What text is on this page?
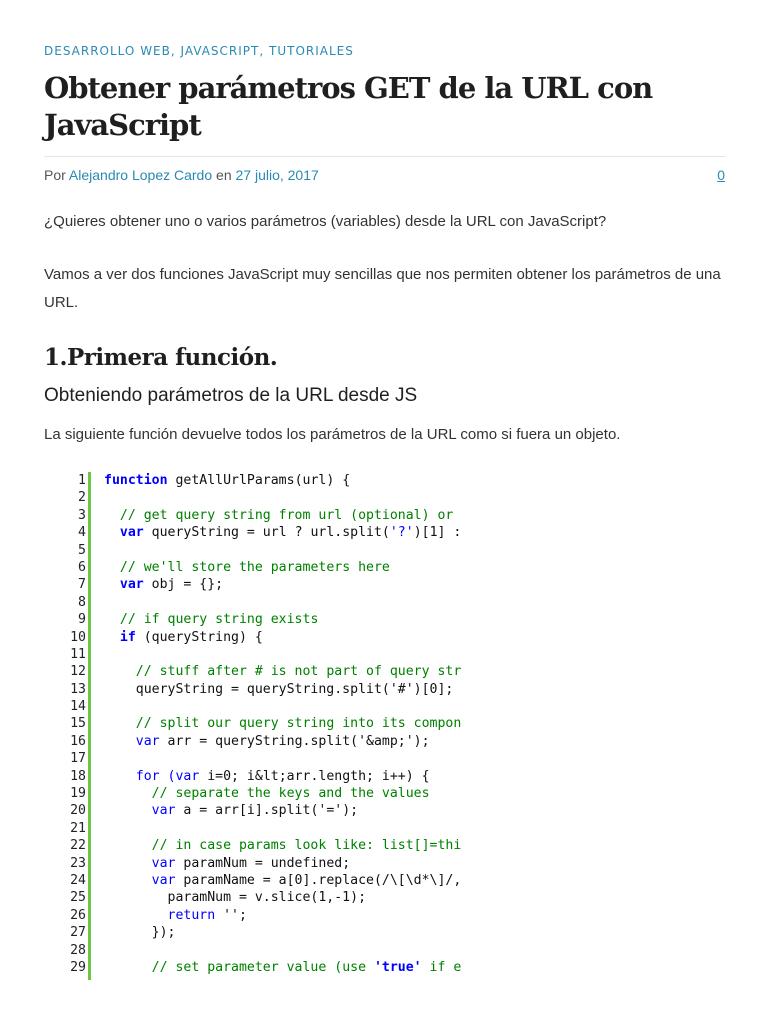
DESARROLLO WEB, JAVASCRIPT, TUTORIALES
Obtener parámetros GET de la URL con JavaScript
Por Alejandro Lopez Cardo en 27 julio, 2017	0

¿Quieres obtener uno o varios parámetros (variables) desde la URL con JavaScript?

Vamos a ver dos funciones JavaScript muy sencillas que nos permiten obtener los parámetros de una URL.

1.Primera función.
Obteniendo parámetros de la URL desde JS

La siguiente función devuelve todos los parámetros de la URL como si fuera un objeto.

1
2
3
4
5
6
7
8
9
10
11
12
13
14
15
16
17
18
19
20
21
22
23
24
25
26
27
28
29
function getAllUrlParams(url) {

// get query string from url (optional) or
var queryString = url ? url.split('?')[1] :

// we'll store the parameters here
var obj = {};

// if query string exists
if (queryString) {

// stuff after # is not part of query str
queryString = queryString.split('#')[0];

// split our query string into its compon
var arr = queryString.split('&amp;');

for (var i=0; i&lt;arr.length; i++) {
// separate the keys and the values
var a = arr[i].split('=');

// in case params look like: list[]=thi
var paramNum = undefined;
var paramName = a[0].replace(/\[\d*\]/,
paramNum = v.slice(1,-1);
return '';
});

// set parameter value (use 'true' if e
